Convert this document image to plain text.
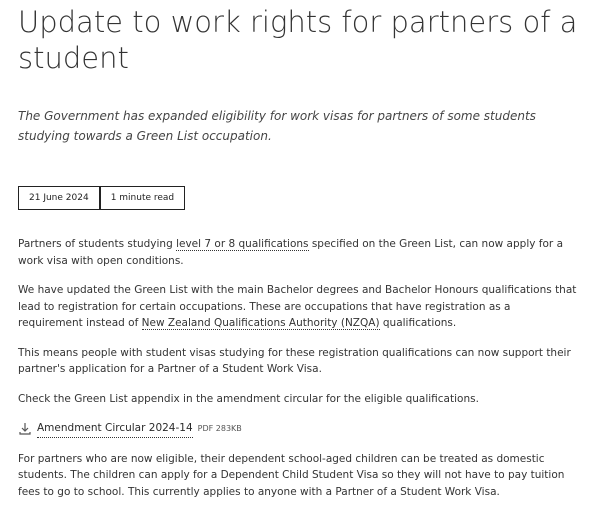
Update to work rights for partners of a student
The Government has expanded eligibility for work visas for partners of some students studying towards a Green List occupation.
21 June 2024	1 minute read

Partners of students studying level 7 or 8 qualifications specified on the Green List, can now apply for a work visa with open conditions.

We have updated the Green List with the main Bachelor degrees and Bachelor Honours qualifications that lead to registration for certain occupations. These are occupations that have registration as a requirement instead of New Zealand Qualifications Authority (NZQA) qualifications.

This means people with student visas studying for these registration qualifications can now support their partner's application for a Partner of a Student Work Visa.

Check the Green List appendix in the amendment circular for the eligible qualifications.

Amendment Circular 2024-14 PDF 283KB

For partners who are now eligible, their dependent school-aged children can be treated as domestic students. The children can apply for a Dependent Child Student Visa so they will not have to pay tuition fees to go to school. This currently applies to anyone with a Partner of a Student Work Visa.
